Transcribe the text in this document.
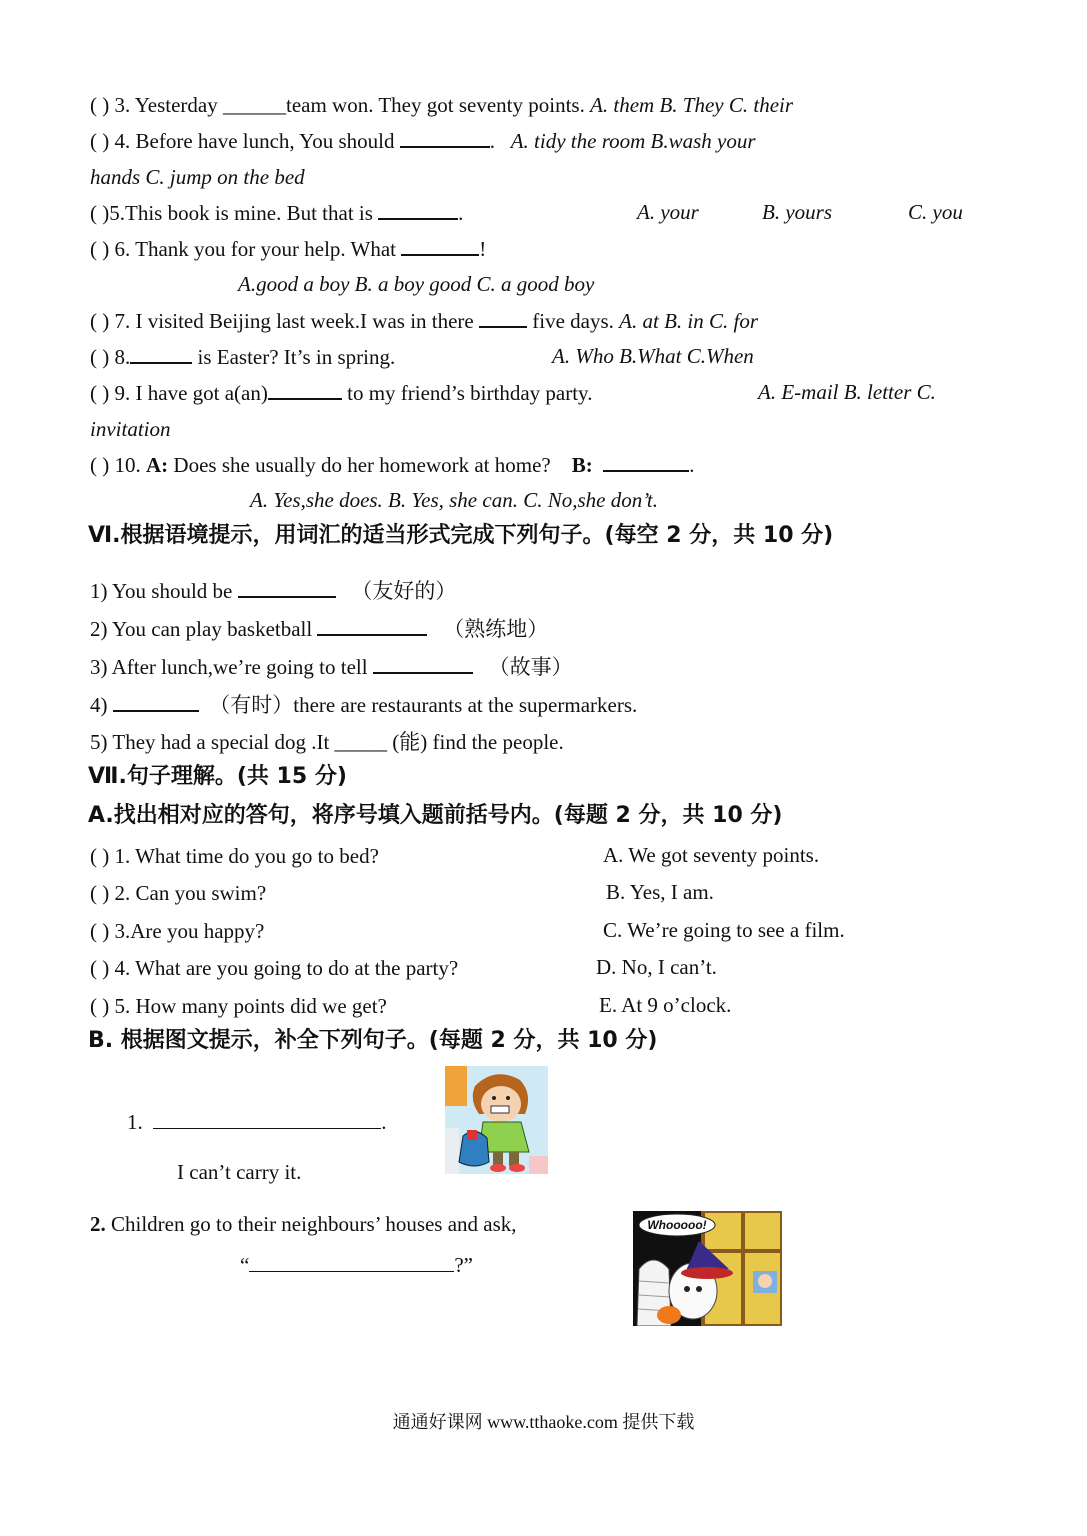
( ) 3. Yesterday ______team won. They got seventy points. A. them B. They C. their
( ) 4. Before have lunch, You should	.   A. tidy the room B.wash your
hands C. jump on the bed
( )5.This book is mine. But that is	.	A. your	B. yours	C. you
( ) 6. Thank you for your help. What	!
A.good a boy B. a boy good C. a good boy
( ) 7. I visited Beijing last week.I was in there  five days. A. at B. in C. for
( ) 8.	is Easter? It’s in spring.	A. Who B.What C.When
( ) 9. I have got a(an)	to my friend’s birthday party.	A. E-mail B. letter C.
invitation
( ) 10. A: Does she usually do her homework at home? B:	.
A. Yes,she does. B. Yes, she can. C. No,she don’t.
Ⅵ.根据语境提示，用词汇的适当形式完成下列句子。(每空 2 分，共 10 分)
1) You should be	（友好的）
2) You can play basketball	（熟练地）
3) After lunch,we’re going to tell	（故事）
4)	（有时）there are restaurants at the supermarkers.
5) They had a special dog .It _____ (能) find the people.
Ⅶ.句子理解。(共 15 分)
A.找出相对应的答句，将序号填入题前括号内。(每题 2 分，共 10 分)
( ) 1. What time do you go to bed?	A. We got seventy points.
( ) 2. Can you swim?	B. Yes, I am.
( ) 3.Are you happy?	C. We’re going to see a film.
( ) 4. What are you going to do at the party?	D. No, I can’t.
( ) 5. How many points did we get?	E. At 9 o’clock.
B. 根据图文提示，补全下列句子。(每题 2 分，共 10 分)
1.	.
I can’t carry it.
2. Children go to their neighbours’ houses and ask,
“	?”
Whooooo!
通通好课网 www.tthaoke.com 提供下载
